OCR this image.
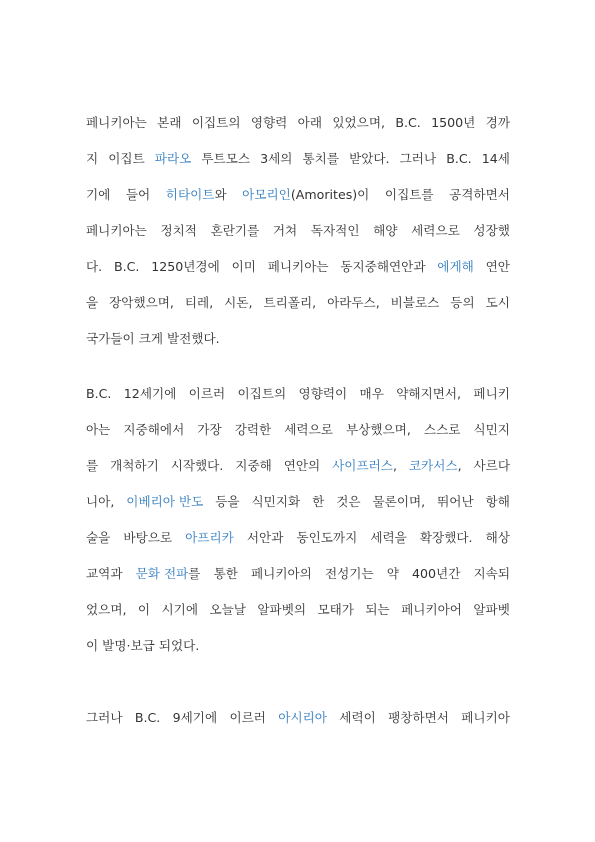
페니키아는 본래 이집트의 영향력 아래 있었으며, B.C. 1500년 경까
지 이집트 파라오 투트모스 3세의 통치를 받았다. 그러나 B.C. 14세
기에 들어 히타이트와 아모리인(Amorites)이 이집트를 공격하면서
페니키아는 정치적 혼란기를 거쳐 독자적인 해양 세력으로 성장했
다. B.C. 1250년경에 이미 페니키아는 동지중해연안과 에게해 연안
을 장악했으며, 티레, 시돈, 트리폴리, 아라두스, 비블로스 등의 도시
국가들이 크게 발전했다.
B.C. 12세기에 이르러 이집트의 영향력이 매우 약해지면서, 페니키
아는 지중해에서 가장 강력한 세력으로 부상했으며, 스스로 식민지
를 개척하기 시작했다. 지중해 연안의 사이프러스, 코카서스, 사르다
니아, 이베리아 반도 등을 식민지화 한 것은 물론이며, 뛰어난 항해
술을 바탕으로 아프리카 서안과 동인도까지 세력을 확장했다. 해상
교역과 문화 전파를 통한 페니키아의 전성기는 약 400년간 지속되
었으며, 이 시기에 오늘날 알파벳의 모태가 되는 페니키아어 알파벳
이 발명·보급 되었다.
그러나 B.C. 9세기에 이르러 아시리아 세력이 팽창하면서 페니키아
